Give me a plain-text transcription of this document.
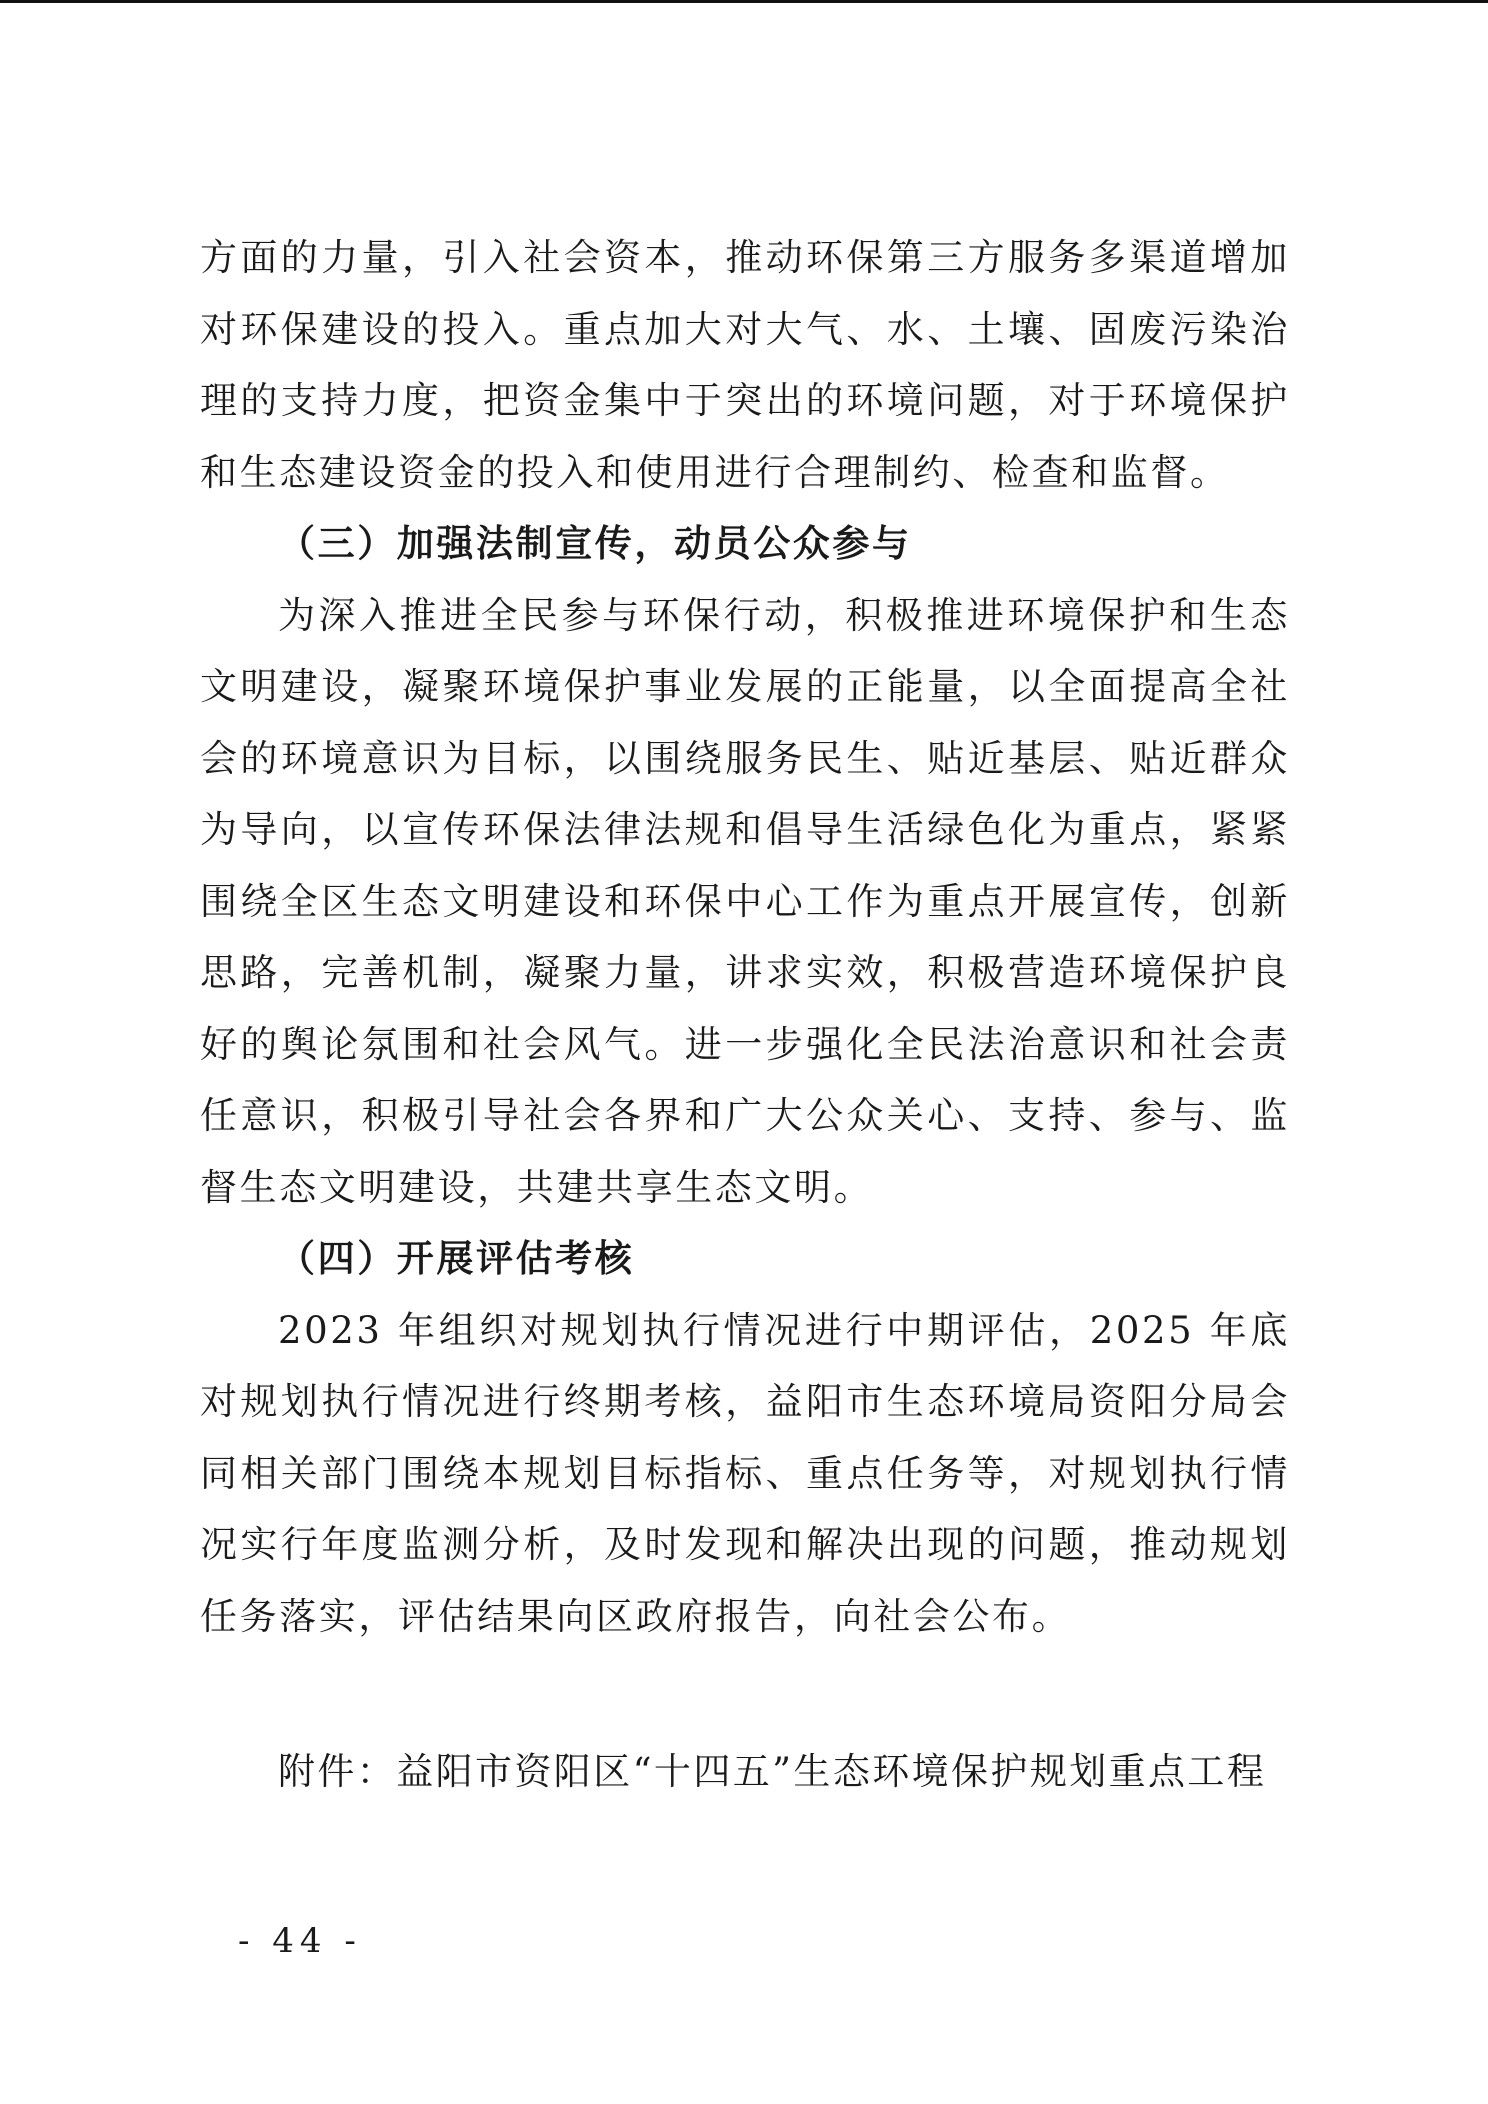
方面的力量，引入社会资本，推动环保第三方服务多渠道增加对环保建设的投入。重点加大对大气、水、土壤、固废污染治理的支持力度，把资金集中于突出的环境问题，对于环境保护和生态建设资金的投入和使用进行合理制约、检查和监督。

（三）加强法制宣传，动员公众参与

为深入推进全民参与环保行动，积极推进环境保护和生态文明建设，凝聚环境保护事业发展的正能量，以全面提高全社会的环境意识为目标，以围绕服务民生、贴近基层、贴近群众为导向，以宣传环保法律法规和倡导生活绿色化为重点，紧紧围绕全区生态文明建设和环保中心工作为重点开展宣传，创新思路，完善机制，凝聚力量，讲求实效，积极营造环境保护良好的舆论氛围和社会风气。进一步强化全民法治意识和社会责任意识，积极引导社会各界和广大公众关心、支持、参与、监督生态文明建设，共建共享生态文明。

（四）开展评估考核

2023 年组织对规划执行情况进行中期评估，2025 年底对规划执行情况进行终期考核，益阳市生态环境局资阳分局会同相关部门围绕本规划目标指标、重点任务等，对规划执行情况实行年度监测分析，及时发现和解决出现的问题，推动规划任务落实，评估结果向区政府报告，向社会公布。

附件：益阳市资阳区“十四五”生态环境保护规划重点工程

- 44 -
